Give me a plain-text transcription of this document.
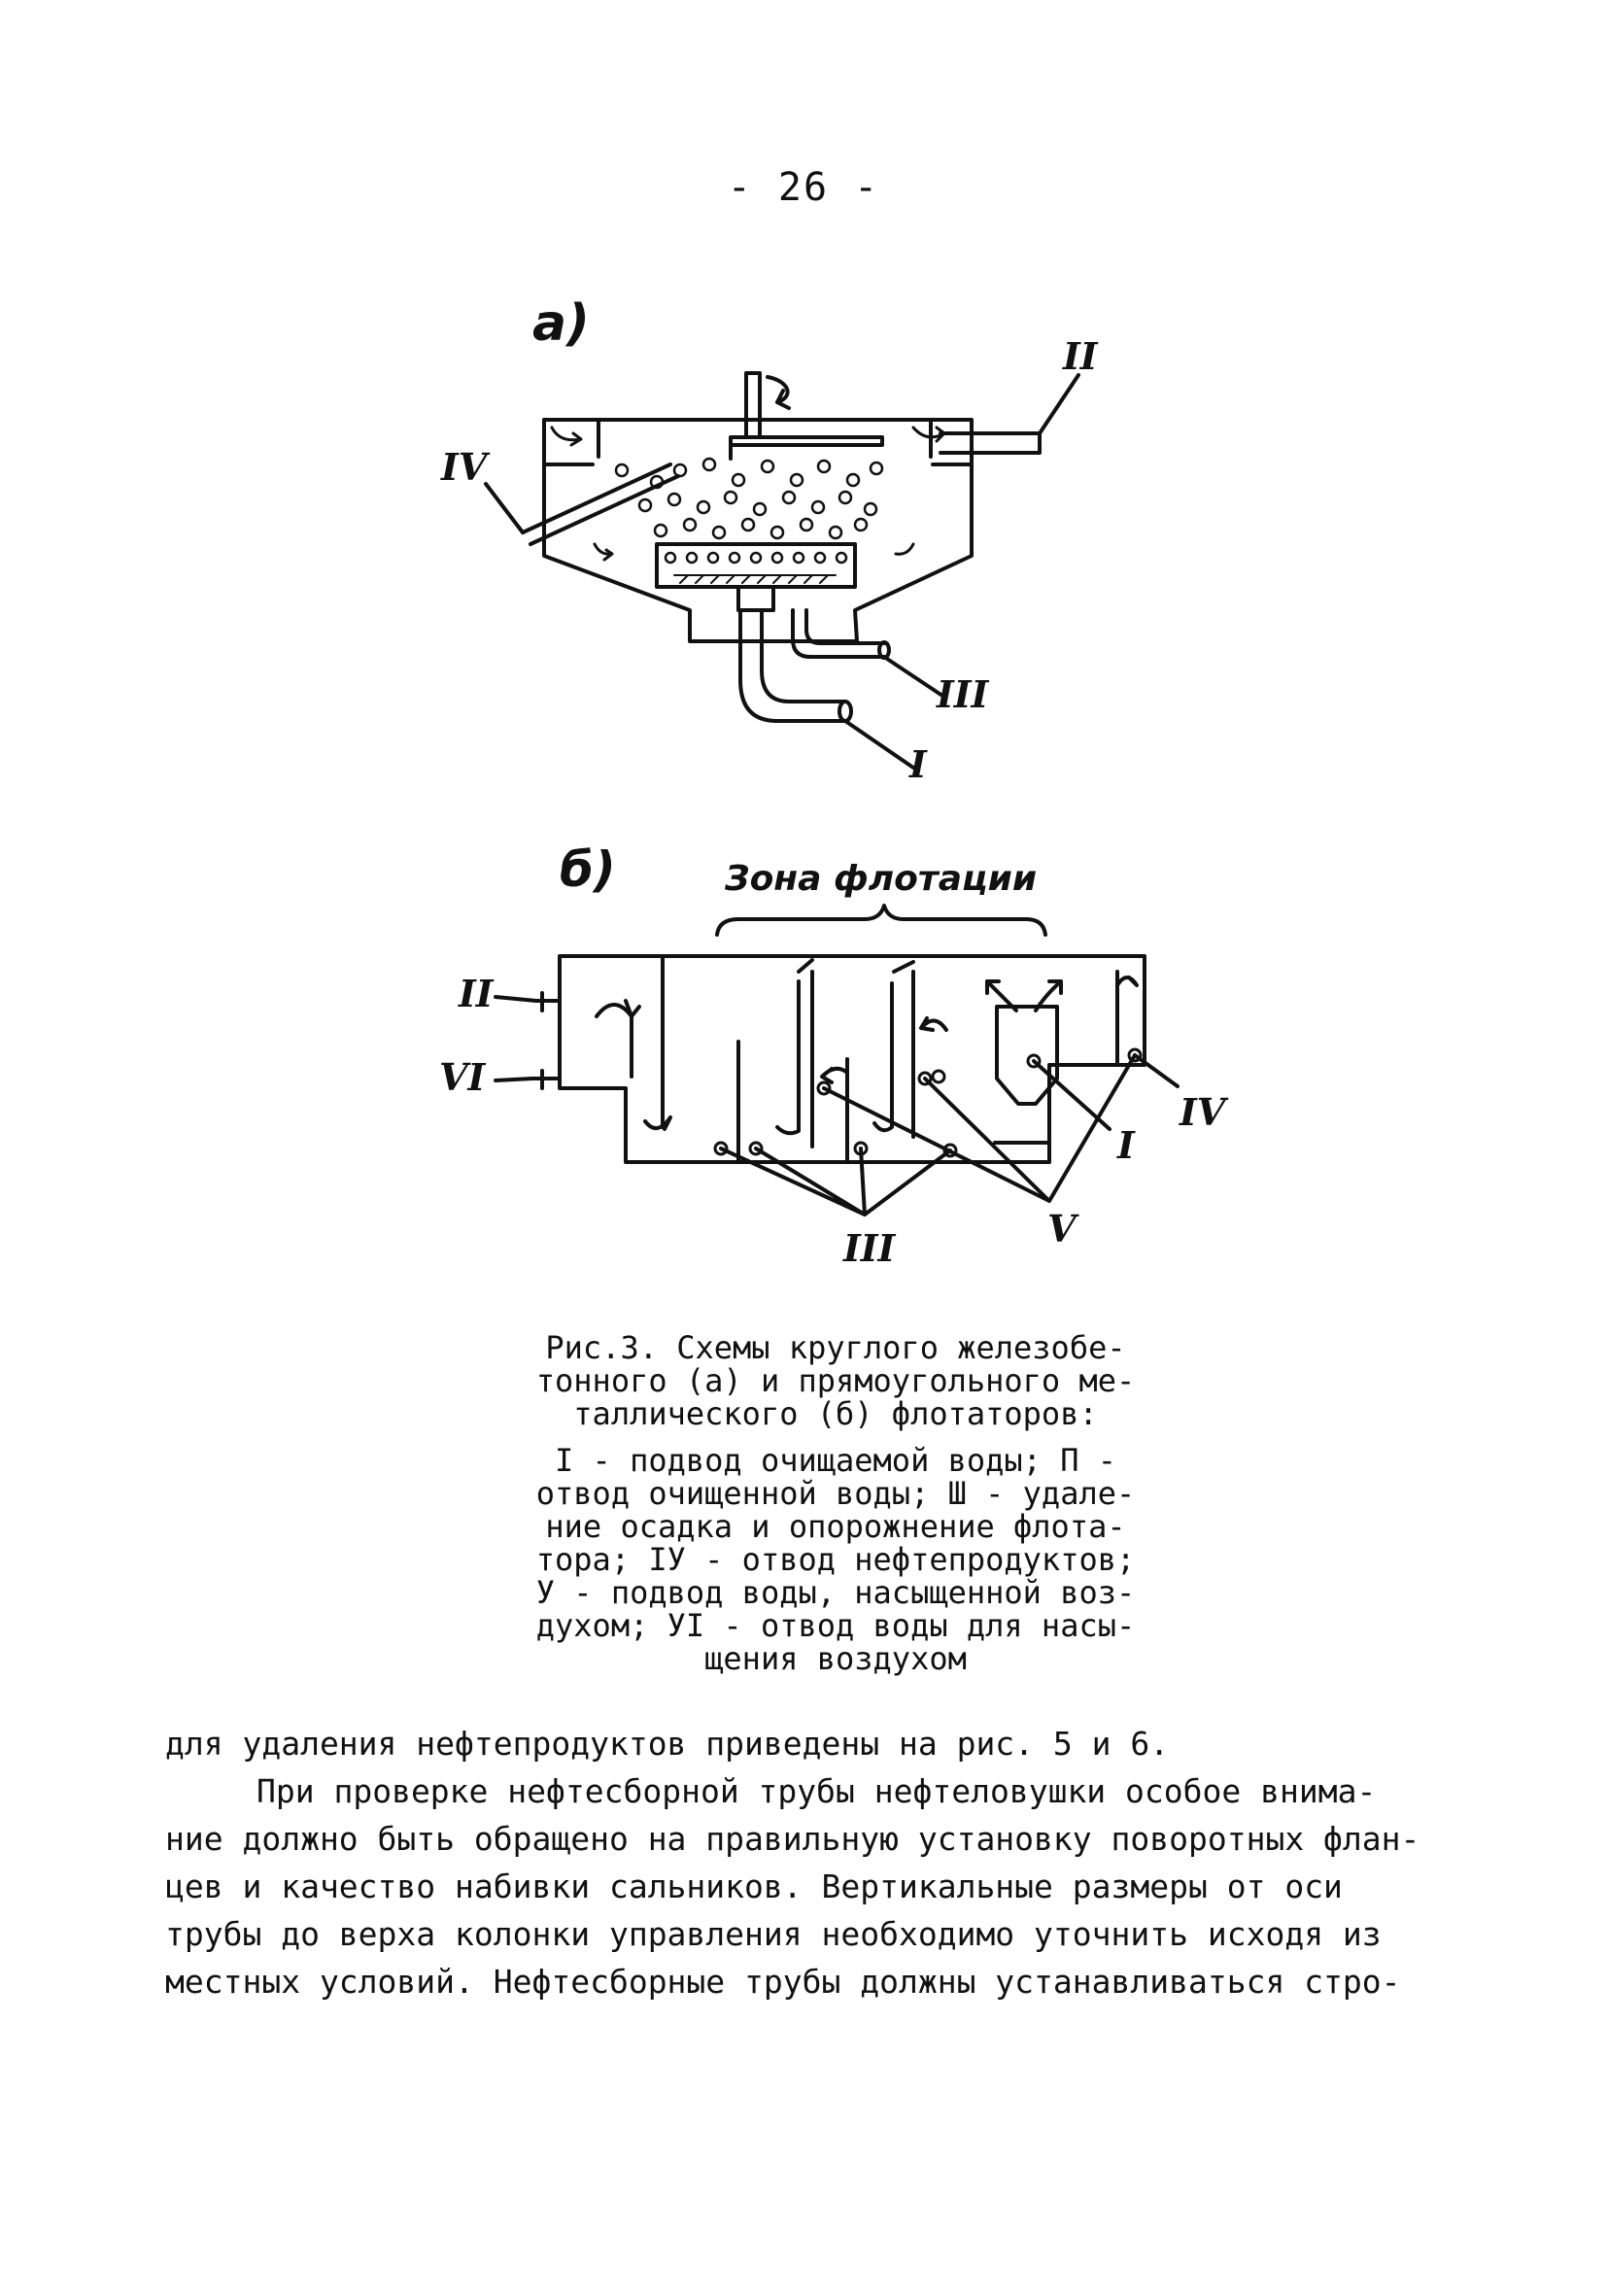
- 26 -
a)
II
IV
I
III
б)	Зона флотации
II
VI
I
IV
III	V

Рис.3. Схемы круглого железобе-
тонного (а) и прямоугольного ме-
таллического (б) флотаторов:

I - подвод очищаемой воды; П -
отвод очищенной воды; Ш - удале-
ние осадка и опорожнение флота-
тора; IУ - отвод нефтепродуктов;
У - подвод воды, насыщенной воз-
духом; УI - отвод воды для насы-
щения воздухом

для удаления нефтепродуктов приведены на рис. 5 и 6.
При проверке нефтесборной трубы нефтеловушки особое внима-
ние должно быть обращено на правильную установку поворотных флан-
цев и качество набивки сальников. Вертикальные размеры от оси
трубы до верха колонки управления необходимо уточнить исходя из
местных условий. Нефтесборные трубы должны устанавливаться стро-
